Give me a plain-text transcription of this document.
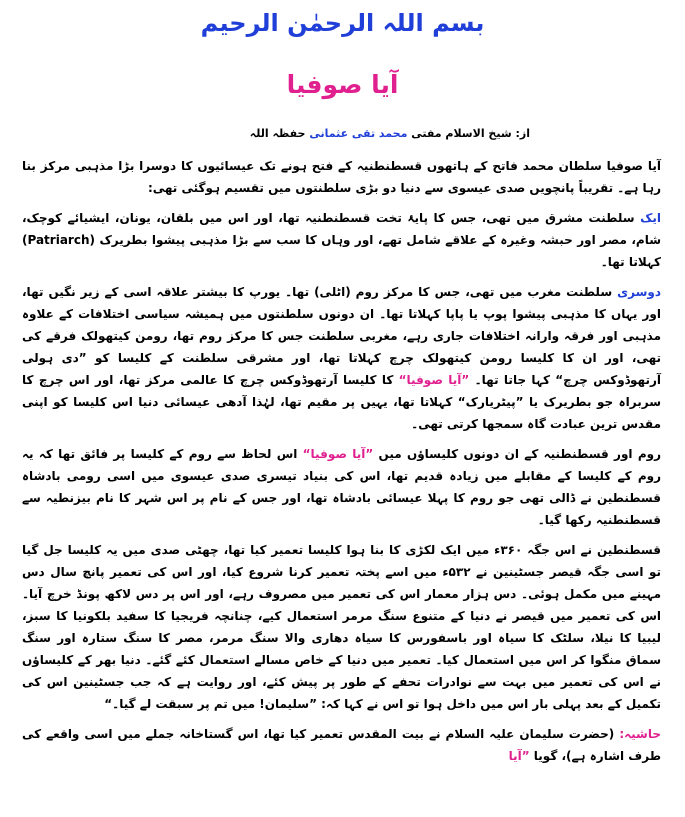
بسم اللہ الرحمٰن الرحیم
آیا صوفیا
از: شیخ الاسلام مفتی محمد تقی عثمانی حفظہ اللہ

آیا صوفیا سلطان محمد فاتح کے ہاتھوں قسطنطنیہ کے فتح ہونے تک عیسائیوں کا دوسرا بڑا مذہبی مرکز بنا رہا ہے۔ تقریباً پانچویں صدی عیسوی سے دنیا دو بڑی سلطنتوں میں تقسیم ہوگئی تھی:

ایک سلطنت مشرق میں تھی، جس کا پایۂ تخت قسطنطنیہ تھا، اور اس میں بلقان، یونان، ایشیائے کوچک، شام، مصر اور حبشہ وغیرہ کے علاقے شامل تھے، اور وہاں کا سب سے بڑا مذہبی پیشوا بطریرک (Patriarch) کہلاتا تھا۔

دوسری سلطنت مغرب میں تھی، جس کا مرکز روم (اٹلی) تھا۔ یورپ کا بیشتر علاقہ اسی کے زیر نگیں تھا، اور یہاں کا مذہبی پیشوا پوپ یا پاپا کہلاتا تھا۔ ان دونوں سلطنتوں میں ہمیشہ سیاسی اختلافات کے علاوہ مذہبی اور فرقہ وارانہ اختلافات جاری رہے، مغربی سلطنت جس کا مرکز روم تھا، رومن کیتھولک فرقے کی تھی، اور ان کا کلیسا رومن کیتھولک چرچ کہلاتا تھا، اور مشرقی سلطنت کے کلیسا کو ”دی ہولی آرتھوڈوکس چرچ“ کہا جاتا تھا۔ ”آیا صوفیا“ کا کلیسا آرتھوڈوکس چرچ کا عالمی مرکز تھا، اور اس چرچ کا سربراہ جو بطریرک یا ”پیٹریارک“ کہلاتا تھا، یہیں پر مقیم تھا، لہٰذا آدھی عیسائی دنیا اس کلیسا کو اپنی مقدس ترین عبادت گاہ سمجھا کرتی تھی۔

روم اور قسطنطنیہ کے ان دونوں کلیساؤں میں ”آیا صوفیا“ اس لحاظ سے روم کے کلیسا پر فائق تھا کہ یہ روم کے کلیسا کے مقابلے میں زیادہ قدیم تھا، اس کی بنیاد تیسری صدی عیسوی میں اسی رومی بادشاہ قسطنطین نے ڈالی تھی جو روم کا پہلا عیسائی بادشاہ تھا، اور جس کے نام پر اس شہر کا نام بیزنطیہ سے قسطنطنیہ رکھا گیا۔

قسطنطین نے اس جگہ ۳۶۰ء میں ایک لکڑی کا بنا ہوا کلیسا تعمیر کیا تھا، چھٹی صدی میں یہ کلیسا جل گیا تو اسی جگہ قیصر جسٹینین نے ۵۳۲ء میں اسے پختہ تعمیر کرنا شروع کیا، اور اس کی تعمیر پانچ سال دس مہینے میں مکمل ہوئی۔ دس ہزار معمار اس کی تعمیر میں مصروف رہے، اور اس پر دس لاکھ پونڈ خرچ آیا۔ اس کی تعمیر میں قیصر نے دنیا کے متنوع سنگ مرمر استعمال کیے، چنانچہ فریجیا کا سفید بلکونیا کا سبز، لیبیا کا نیلا، سلٹک کا سیاہ اور باسفورس کا سیاہ دھاری والا سنگ مرمر، مصر کا سنگ ستارہ اور سنگ سماق منگوا کر اس میں استعمال کیا۔ تعمیر میں دنیا کے خاص مسالے استعمال کئے گئے۔ دنیا بھر کے کلیساؤں نے اس کی تعمیر میں بہت سے نوادرات تحفے کے طور پر پیش کئے، اور روایت ہے کہ جب جسٹینین اس کی تکمیل کے بعد پہلی بار اس میں داخل ہوا تو اس نے کہا کہ: ”سلیمان! میں تم پر سبقت لے گیا۔“

حاشیہ: (حضرت سلیمان علیہ السلام نے بیت المقدس تعمیر کیا تھا، اس گستاخانہ جملے میں اسی واقعے کی طرف اشارہ ہے)، گویا ”آیا
